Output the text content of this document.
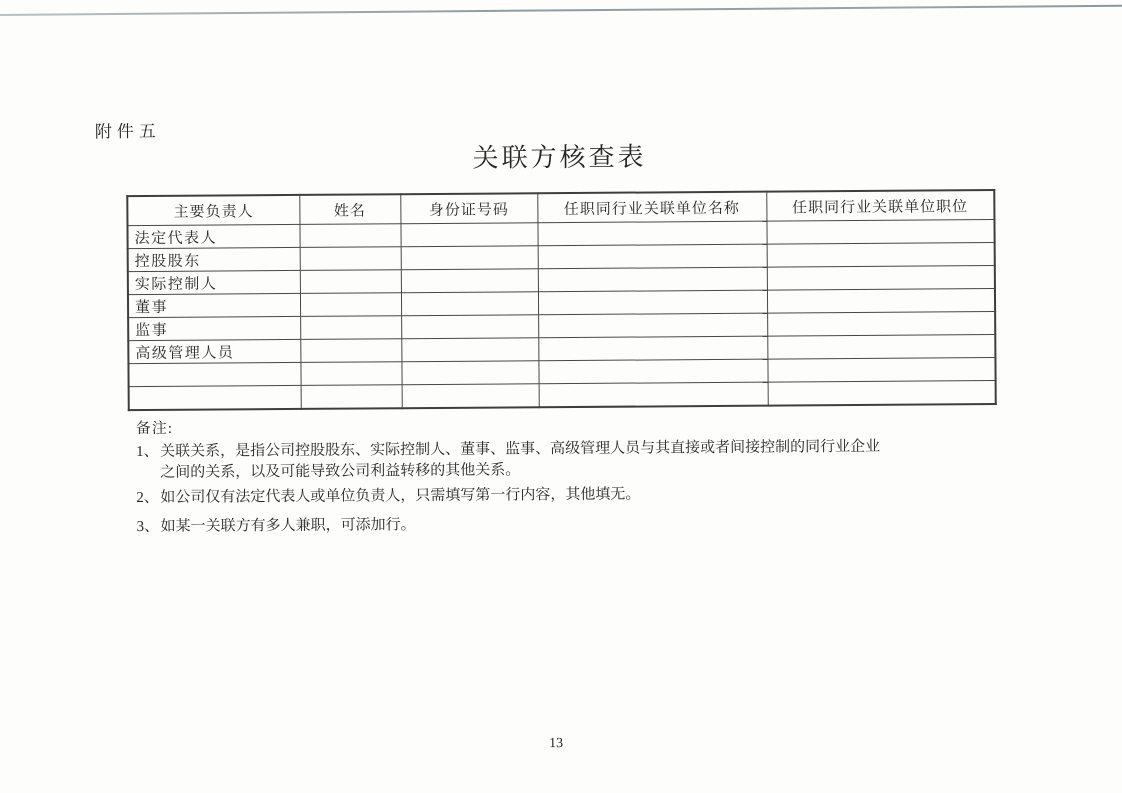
附件五
关联方核查表
主要负责人	姓名	身份证号码	任职同行业关联单位名称	任职同行业关联单位职位
法定代表人				
控股股东				
实际控制人				
董事				
监事				
高级管理人员				

备注:
1、 关联关系，是指公司控股股东、实际控制人、董事、监事、高级管理人员与其直接或者间接控制的同行业企业
之间的关系，以及可能导致公司利益转移的其他关系。
2、 如公司仅有法定代表人或单位负责人，只需填写第一行内容，其他填无。
3、 如某一关联方有多人兼职，可添加行。
13
